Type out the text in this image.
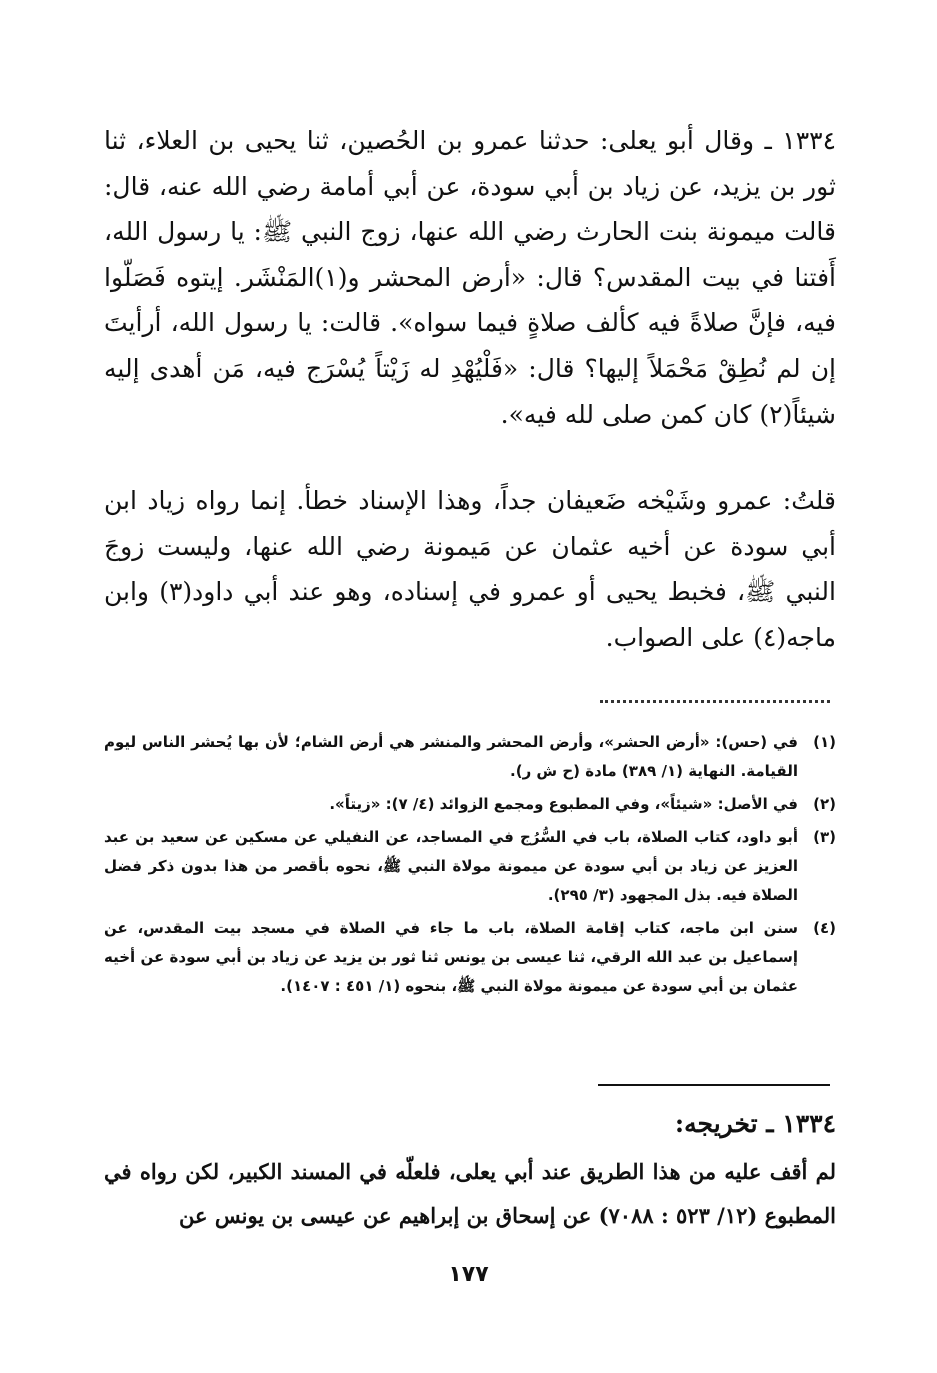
١٣٣٤ ـ وقال أبو يعلى: حدثنا عمرو بن الحُصين، ثنا يحيى بن العلاء، ثنا ثور بن يزيد، عن زياد بن أبي سودة، عن أبي أمامة رضي الله عنه، قال: قالت ميمونة بنت الحارث رضي الله عنها، زوج النبي ﷺ: يا رسول الله، أَفتنا في بيت المقدس؟ قال: «أرض المحشر و(١)المَنْشَر. إيتوه فَصَلّوا فيه، فإنَّ صلاةً فيه كألف صلاةٍ فيما سواه». قالت: يا رسول الله، أرأيتَ إن لم نُطِقْ مَحْمَلاً إليها؟ قال: «فَلْيُهْدِ له زَيْتاً يُسْرَج فيه، مَن أهدى إليه شيئاً(٢) كان كمن صلى لله فيه».

قلتُ: عمرو وشَيْخه ضَعيفان جداً، وهذا الإسناد خطأ. إنما رواه زياد ابن أبي سودة عن أخيه عثمان عن مَيمونة رضي الله عنها، وليست زوجَ النبي ﷺ، فخبط يحيى أو عمرو في إسناده، وهو عند أبي داود(٣) وابن ماجه(٤) على الصواب.

(١)
في (حس): «أرض الحشر»، وأرض المحشر والمنشر هي أرض الشام؛ لأن بها يُحشر الناس ليوم القيامة. النهاية (١/ ٣٨٩) مادة (ح ش ر).
(٢)
في الأصل: «شيئاً»، وفي المطبوع ومجمع الزوائد (٤/ ٧): «زيتاً».
(٣)
أبو داود، كتاب الصلاة، باب في السُّرُج في المساجد، عن النفيلي عن مسكين عن سعيد بن عبد العزيز عن زياد بن أبي سودة عن ميمونة مولاة النبي ﷺ، نحوه بأقصر من هذا بدون ذكر فضل الصلاة فيه. بذل المجهود (٣/ ٢٩٥).
(٤)
سنن ابن ماجه، كتاب إقامة الصلاة، باب ما جاء في الصلاة في مسجد بيت المقدس، عن إسماعيل بن عبد الله الرقي، ثنا عيسى بن يونس ثنا ثور بن يزيد عن زياد بن أبي سودة عن أخيه عثمان بن أبي سودة عن ميمونة مولاة النبي ﷺ، بنحوه (١/ ٤٥١ : ١٤٠٧).
١٣٣٤ ـ تخريجه:

لم أقف عليه من هذا الطريق عند أبي يعلى، فلعلّه في المسند الكبير، لكن رواه في المطبوع (١٢/ ٥٢٣ : ٧٠٨٨) عن إسحاق بن إبراهيم عن عيسى بن يونس عن

١٧٧
